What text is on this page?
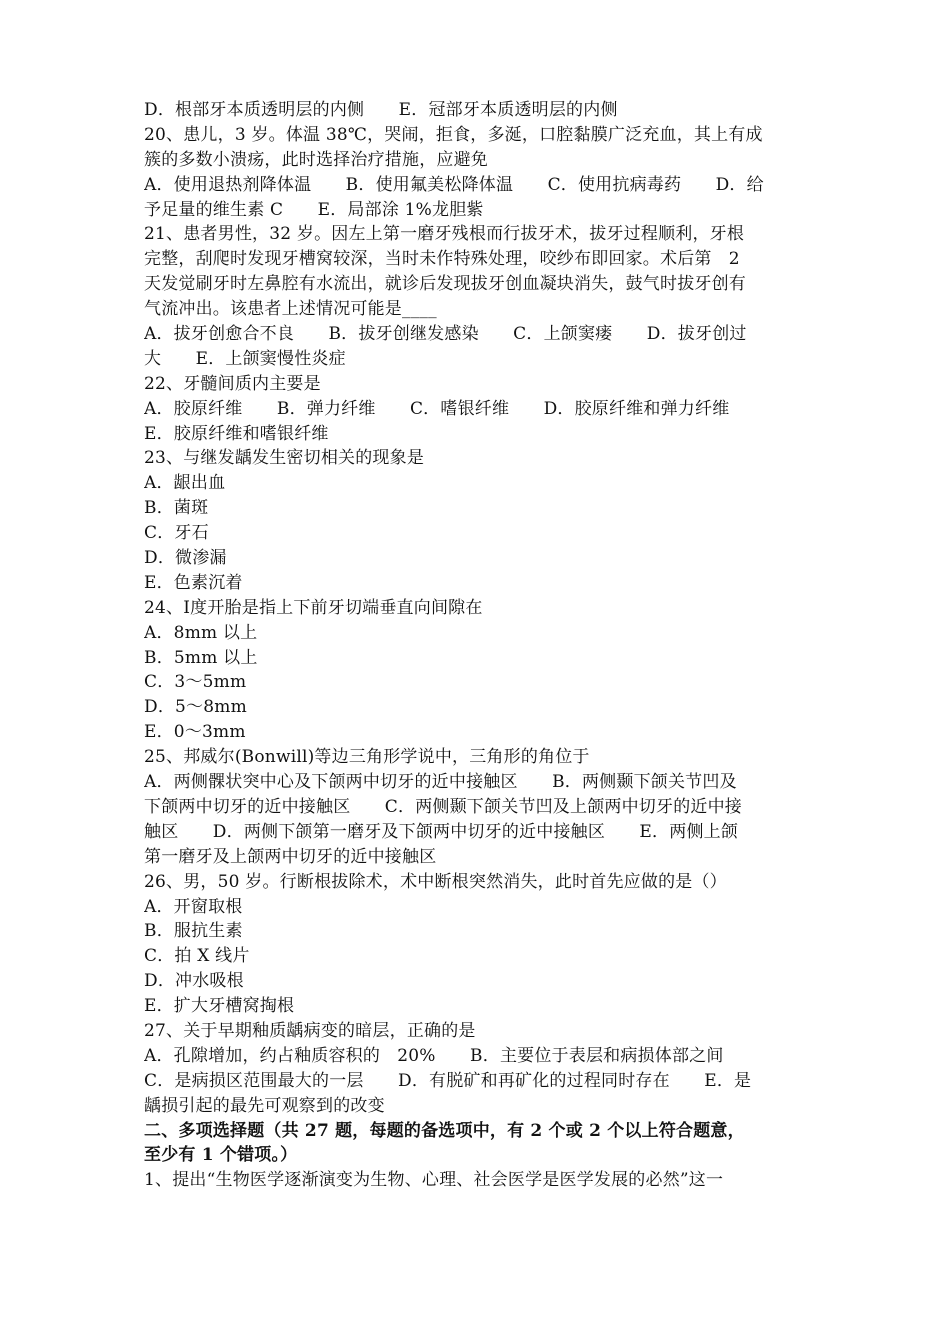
D．根部牙本质透明层的内侧　　E．冠部牙本质透明层的内侧
20、患儿，3 岁。体温 38℃，哭闹，拒食，多涎，口腔黏膜广泛充血，其上有成
簇的多数小溃疡，此时选择治疗措施，应避免
A．使用退热剂降体温　　B．使用氟美松降体温　　C．使用抗病毒药　　D．给
予足量的维生素 C　　E．局部涂 1%龙胆紫
21、患者男性，32 岁。因左上第一磨牙残根而行拔牙术，拔牙过程顺利，牙根
完整，刮爬时发现牙槽窝较深，当时未作特殊处理，咬纱布即回家。术后第　2
天发觉刷牙时左鼻腔有水流出，就诊后发现拔牙创血凝块消失，鼓气时拔牙创有
气流冲出。该患者上述情况可能是____
A．拔牙创愈合不良　　B．拔牙创继发感染　　C．上颌窦瘘　　D．拔牙创过
大　　E．上颌窦慢性炎症
22、牙髓间质内主要是
A．胶原纤维　　B．弹力纤维　　C．嗜银纤维　　D．胶原纤维和弹力纤维
E．胶原纤维和嗜银纤维
23、与继发龋发生密切相关的现象是
A．龈出血
B．菌斑
C．牙石
D．微渗漏
E．色素沉着
24、Ⅰ度开胎是指上下前牙切端垂直向间隙在
A．8mm 以上
B．5mm 以上
C．3～5mm
D．5～8mm
E．0～3mm
25、邦威尔(Bonwill)等边三角形学说中，三角形的角位于
A．两侧髁状突中心及下颌两中切牙的近中接触区　　B．两侧颞下颌关节凹及
下颌两中切牙的近中接触区　　C．两侧颞下颌关节凹及上颌两中切牙的近中接
触区　　D．两侧下颌第一磨牙及下颌两中切牙的近中接触区　　E．两侧上颌
第一磨牙及上颌两中切牙的近中接触区
26、男，50 岁。行断根拔除术，术中断根突然消失，此时首先应做的是（）
A．开窗取根
B．服抗生素
C．拍 X 线片
D．冲水吸根
E．扩大牙槽窝掏根
27、关于早期釉质龋病变的暗层，正确的是
A．孔隙增加，约占釉质容积的　20%　　B．主要位于表层和病损体部之间
C．是病损区范围最大的一层　　D．有脱矿和再矿化的过程同时存在　　E．是
龋损引起的最先可观察到的改变
二、多项选择题（共 27 题，每题的备选项中，有 2 个或 2 个以上符合题意，
至少有 1 个错项。）
1、提出“生物医学逐渐演变为生物、心理、社会医学是医学发展的必然”这一
